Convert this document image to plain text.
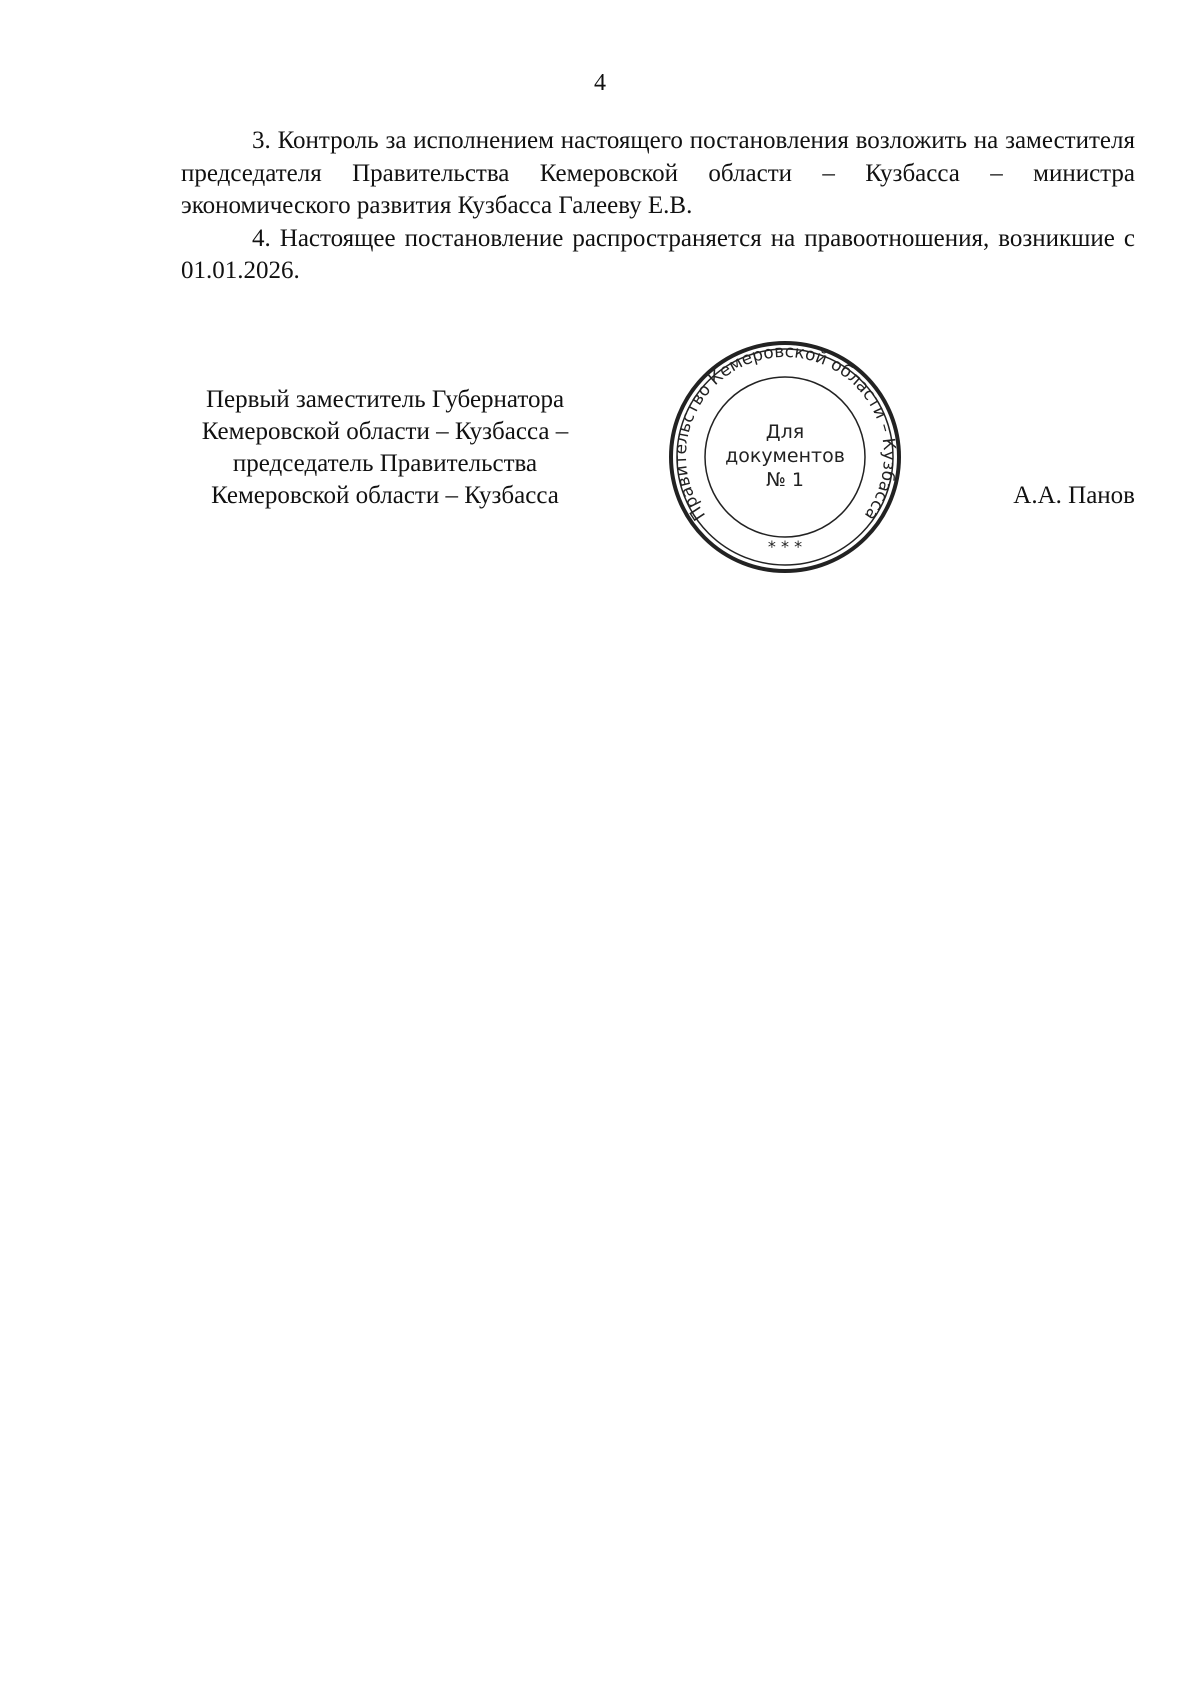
4

3. Контроль за исполнением настоящего постановления возложить на заместителя председателя Правительства Кемеровской области – Кузбасса – министра экономического развития Кузбасса Галееву Е.В.

4. Настоящее постановление распространяется на правоотношения, возникшие с 01.01.2026.

Первый заместитель Губернатора
Кемеровской области – Кузбасса –
председатель Правительства
Кемеровской области – Кузбасса
Правительство Кемеровской области – Кузбасса
* * *
Для
документов
№ 1
А.А. Панов
